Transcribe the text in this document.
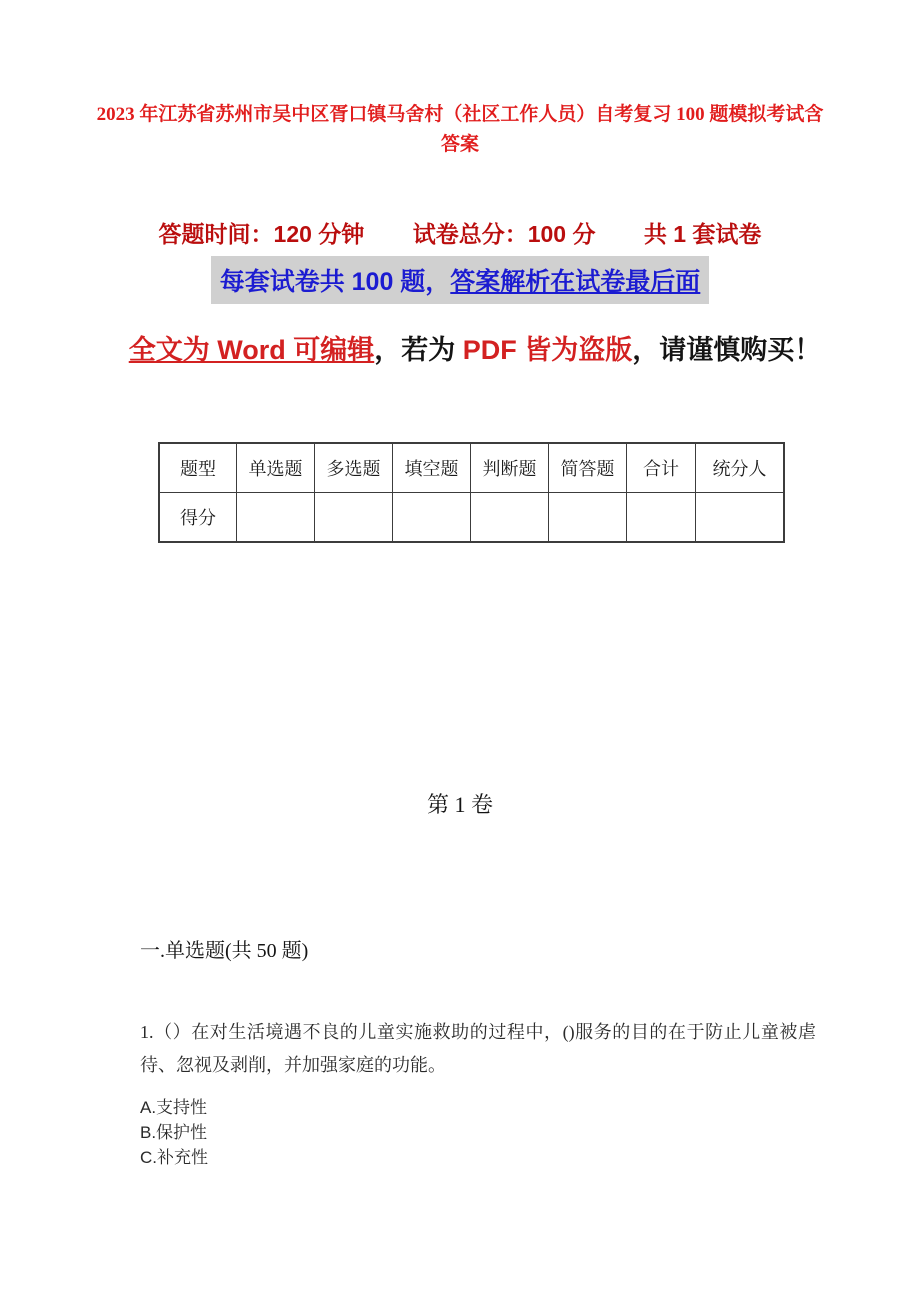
2023 年江苏省苏州市吴中区胥口镇马舍村（社区工作人员）自考复习 100 题模拟考试含答案
答题时间：120 分钟 试卷总分：100 分 共 1 套试卷
每套试卷共 100 题，答案解析在试卷最后面
全文为 Word 可编辑，若为 PDF 皆为盗版，请谨慎购买！
题型	单选题	多选题	填空题	判断题	简答题	合计	统分人
得分							
第 1 卷
一.单选题(共 50 题)
1.（）在对生活境遇不良的儿童实施救助的过程中，()服务的目的在于防止儿童被虐待、忽视及剥削，并加强家庭的功能。
A.支持性
B.保护性
C.补充性
